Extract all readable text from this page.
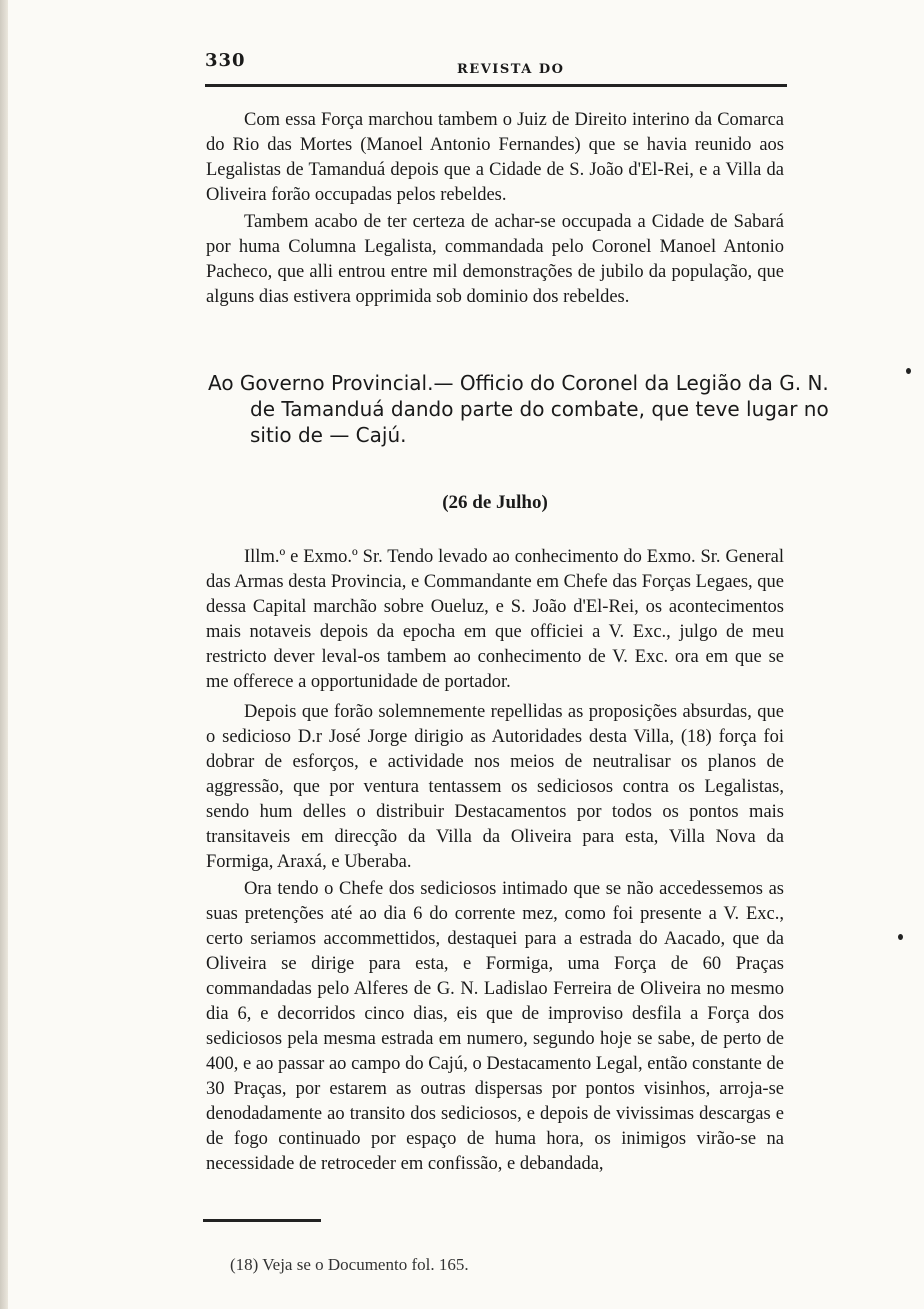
330	REVISTA DO

Com essa Força marchou tambem o Juiz de Direito interino da Comarca do Rio das Mortes (Manoel Antonio Fernandes) que se havia reunido aos Legalistas de Tamanduá depois que a Cidade de S. João d'El-Rei, e a Villa da Oliveira forão occupadas pelos rebeldes.

Tambem acabo de ter certeza de achar-se occupada a Cidade de Sabará por huma Columna Legalista, commandada pelo Coronel Manoel Antonio Pacheco, que alli entrou entre mil demonstrações de jubilo da população, que alguns dias estivera opprimida sob dominio dos rebeldes.

Ao Governo Provincial.— Officio do Coronel da Legião da G. N. de Tamanduá dando parte do combate, que teve lugar no sitio de — Cajú.

(26 de Julho)

Illm.º e Exmo.º Sr. Tendo levado ao conhecimento do Exmo. Sr. General das Armas desta Provincia, e Commandante em Chefe das Forças Legaes, que dessa Capital marchão sobre Oueluz, e S. João d'El-Rei, os acontecimentos mais notaveis depois da epocha em que officiei a V. Exc., julgo de meu restricto dever leval-os tambem ao conhecimento de V. Exc. ora em que se me offerece a opportunidade de portador.

Depois que forão solemnemente repellidas as proposições absurdas, que o sedicioso D.r José Jorge dirigio as Autoridades desta Villa, (18) força foi dobrar de esforços, e actividade nos meios de neutralisar os planos de aggressão, que por ventura tentassem os sediciosos contra os Legalistas, sendo hum delles o distribuir Destacamentos por todos os pontos mais transitaveis em direcção da Villa da Oliveira para esta, Villa Nova da Formiga, Araxá, e Uberaba.

Ora tendo o Chefe dos sediciosos intimado que se não accedessemos as suas pretenções até ao dia 6 do corrente mez, como foi presente a V. Exc., certo seriamos accommettidos, destaquei para a estrada do Aacado, que da Oliveira se dirige para esta, e Formiga, uma Força de 60 Praças commandadas pelo Alferes de G. N. Ladislao Ferreira de Oliveira no mesmo dia 6, e decorridos cinco dias, eis que de improviso desfila a Força dos sediciosos pela mesma estrada em numero, segundo hoje se sabe, de perto de 400, e ao passar ao campo do Cajú, o Destacamento Legal, então constante de 30 Praças, por estarem as outras dispersas por pontos visinhos, arroja-se denodadamente ao transito dos sediciosos, e depois de vivissimas descargas e de fogo continuado por espaço de huma hora, os inimigos virão-se na necessidade de retroceder em confissão, e debandada,

(18) Veja se o Documento fol. 165.
